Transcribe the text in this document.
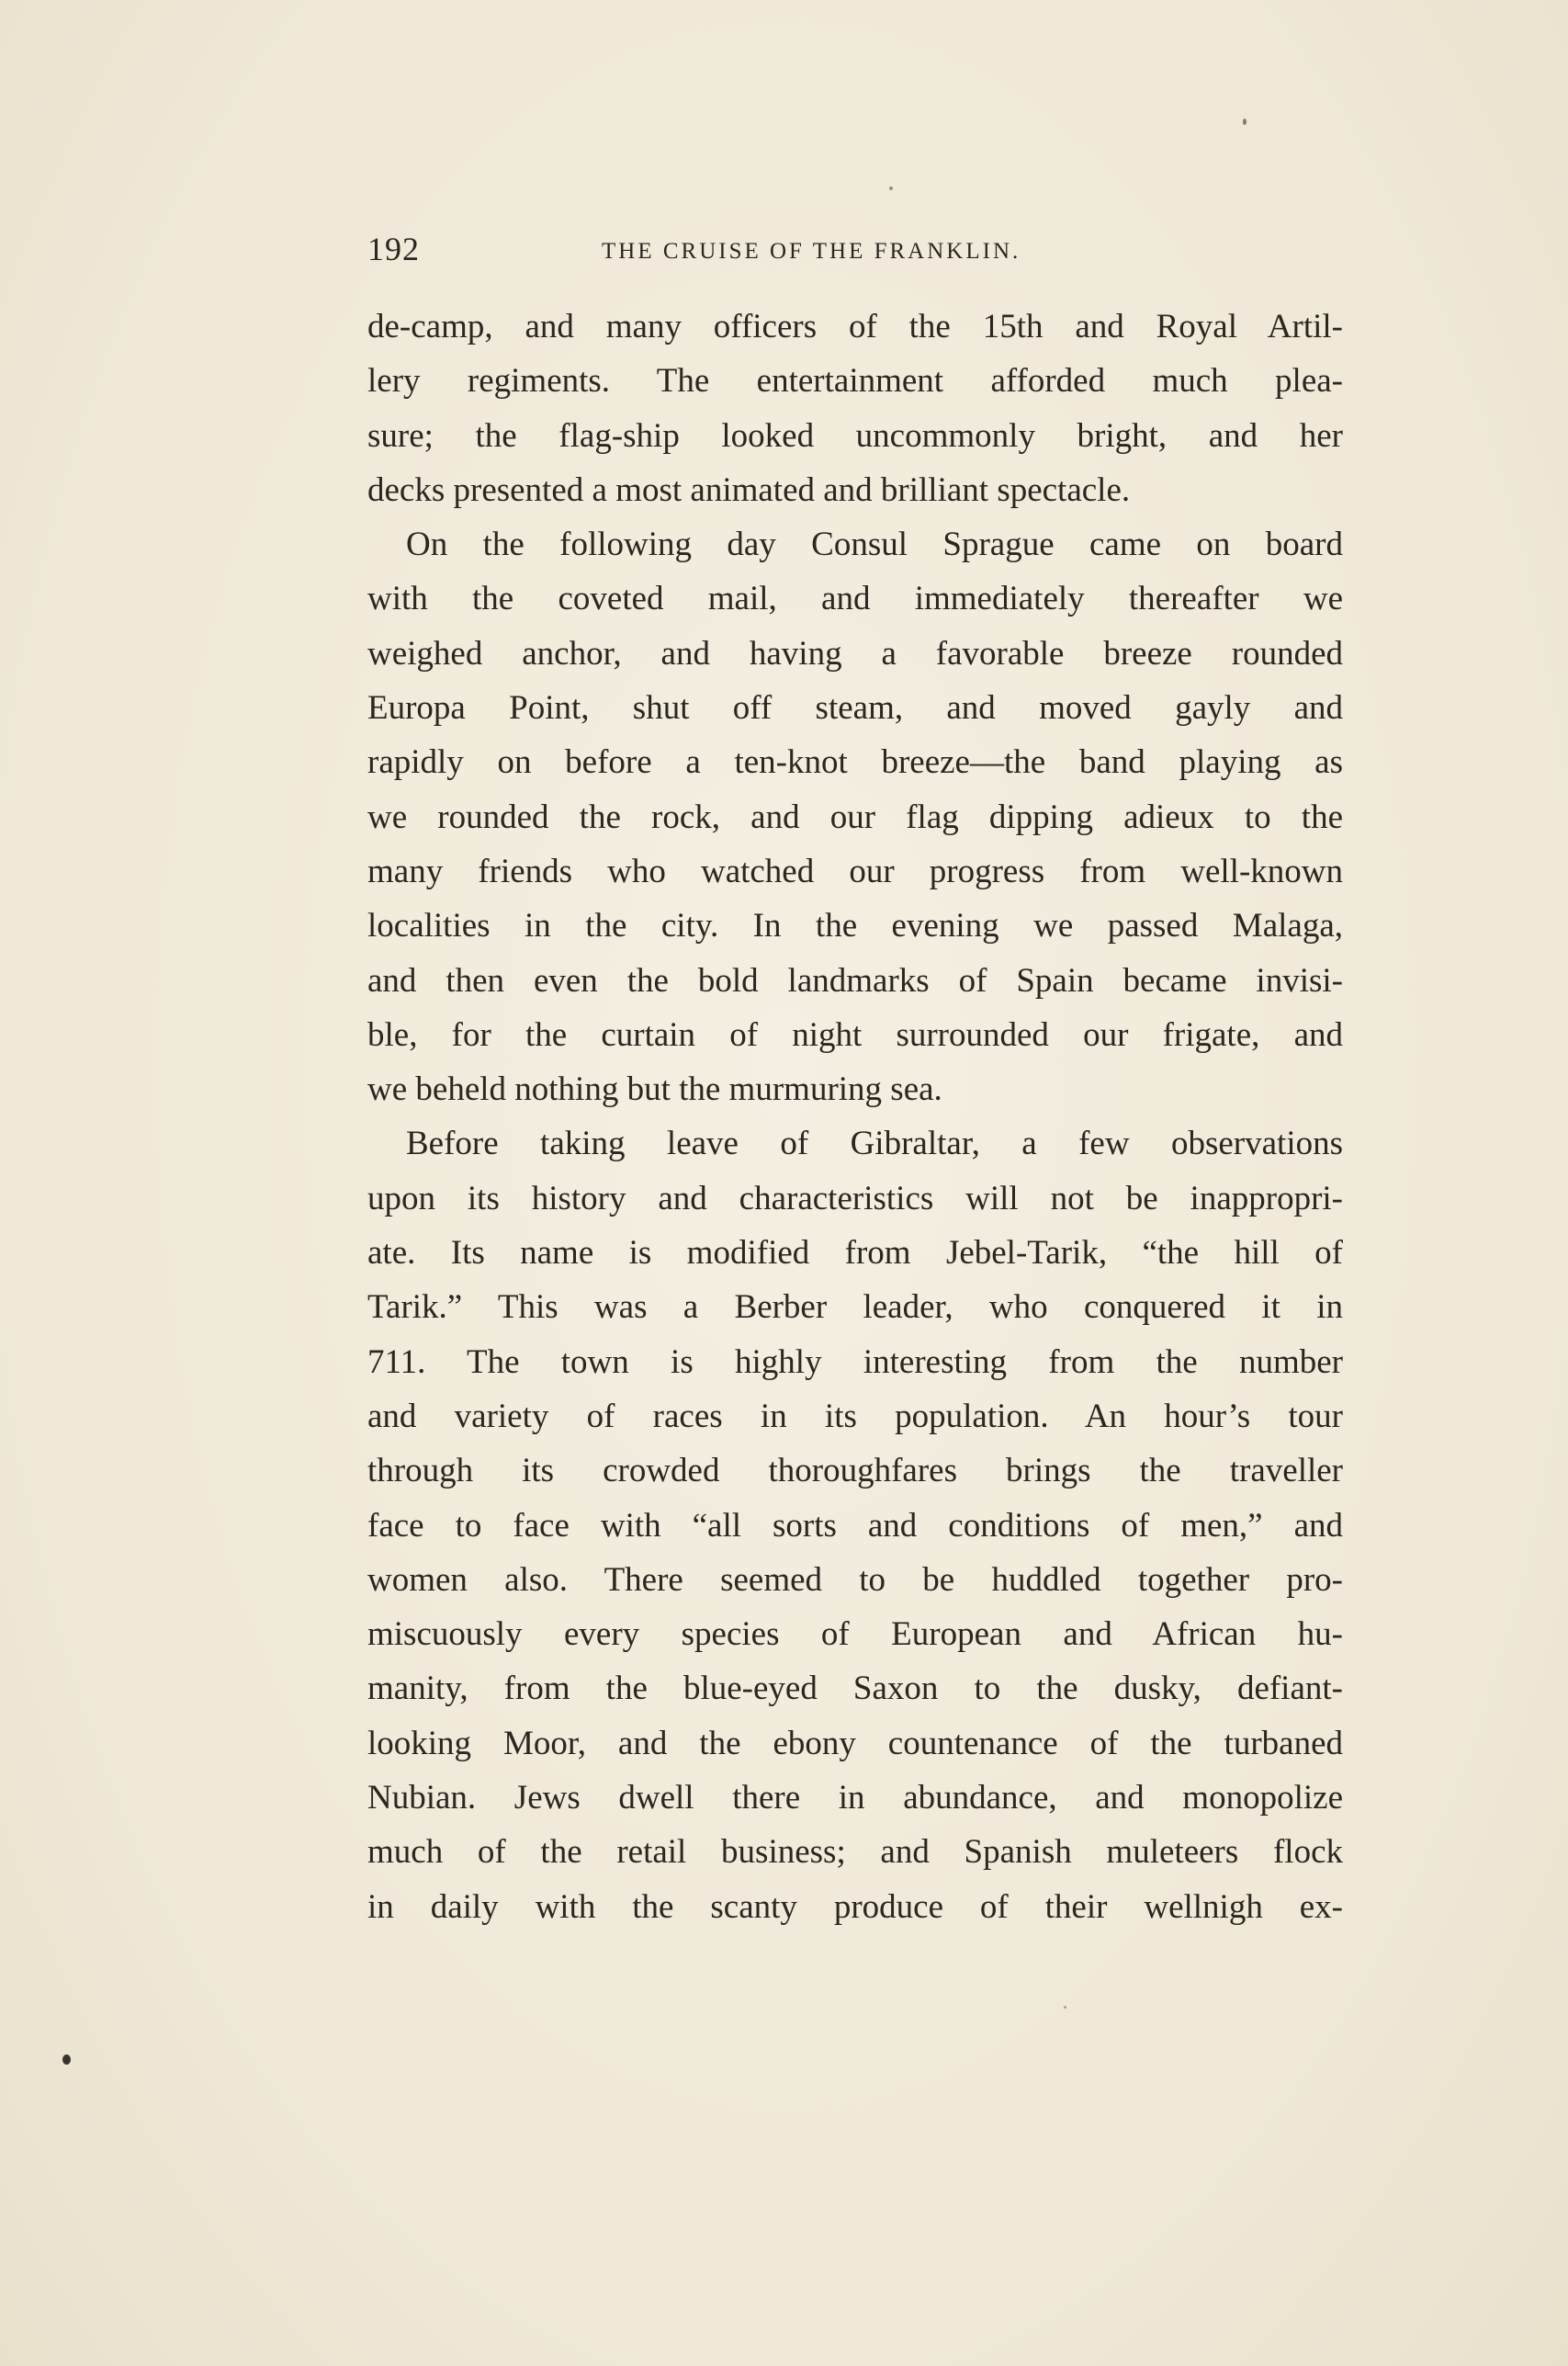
192	THE CRUISE OF THE FRANKLIN.
de-camp, and many officers of the 15th and Royal Artil-
lery regiments. The entertainment afforded much plea-
sure; the flag-ship looked uncommonly bright, and her
decks presented a most animated and brilliant spectacle.
On the following day Consul Sprague came on board
with the coveted mail, and immediately thereafter we
weighed anchor, and having a favorable breeze rounded
Europa Point, shut off steam, and moved gayly and
rapidly on before a ten-knot breeze—the band playing as
we rounded the rock, and our flag dipping adieux to the
many friends who watched our progress from well-known
localities in the city. In the evening we passed Malaga,
and then even the bold landmarks of Spain became invisi-
ble, for the curtain of night surrounded our frigate, and
we beheld nothing but the murmuring sea.
Before taking leave of Gibraltar, a few observations
upon its history and characteristics will not be inappropri-
ate. Its name is modified from Jebel-Tarik, “the hill of
Tarik.” This was a Berber leader, who conquered it in
711. The town is highly interesting from the number
and variety of races in its population. An hour’s tour
through its crowded thoroughfares brings the traveller
face to face with “all sorts and conditions of men,” and
women also. There seemed to be huddled together pro-
miscuously every species of European and African hu-
manity, from the blue-eyed Saxon to the dusky, defiant-
looking Moor, and the ebony countenance of the turbaned
Nubian. Jews dwell there in abundance, and monopolize
much of the retail business; and Spanish muleteers flock
in daily with the scanty produce of their wellnigh ex-
